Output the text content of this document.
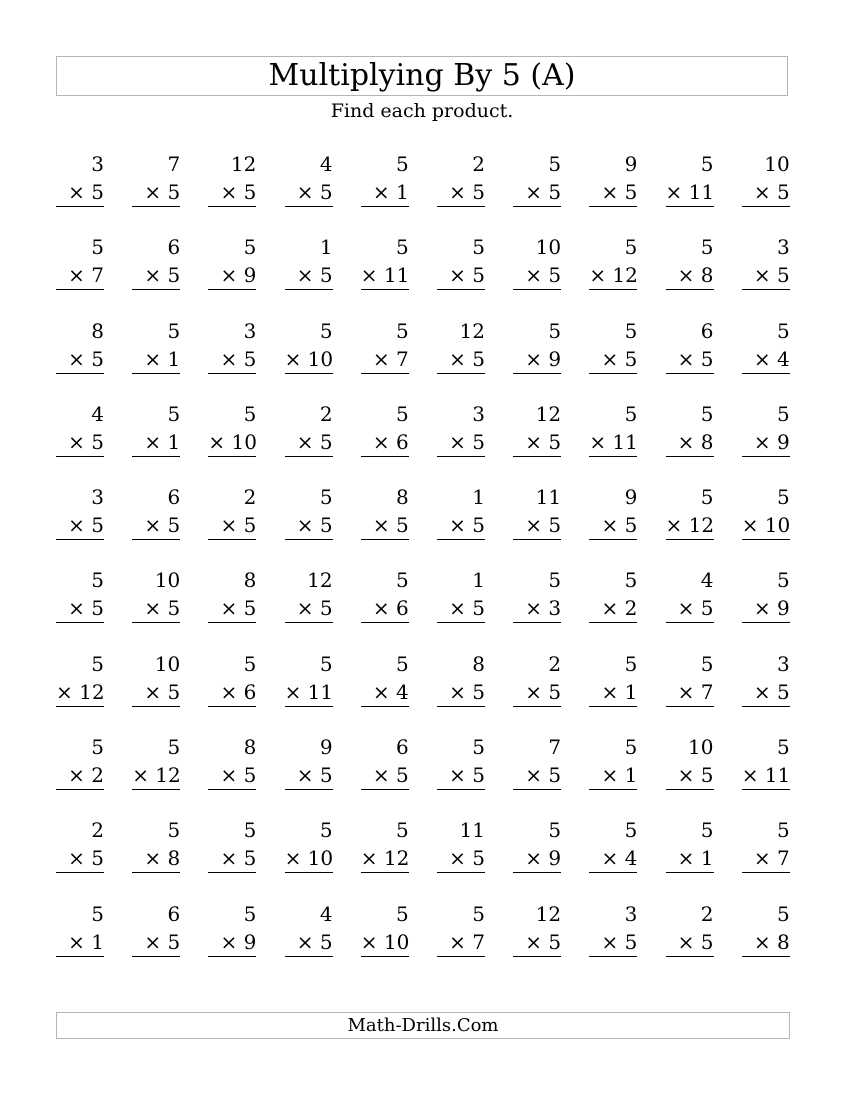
Multiplying By 5 (A)
Find each product.
3
× 5
7
× 5
12
× 5
4
× 5
5
× 1
2
× 5
5
× 5
9
× 5
5
× 11
10
× 5
5
× 7
6
× 5
5
× 9
1
× 5
5
× 11
5
× 5
10
× 5
5
× 12
5
× 8
3
× 5
8
× 5
5
× 1
3
× 5
5
× 10
5
× 7
12
× 5
5
× 9
5
× 5
6
× 5
5
× 4
4
× 5
5
× 1
5
× 10
2
× 5
5
× 6
3
× 5
12
× 5
5
× 11
5
× 8
5
× 9
3
× 5
6
× 5
2
× 5
5
× 5
8
× 5
1
× 5
11
× 5
9
× 5
5
× 12
5
× 10
5
× 5
10
× 5
8
× 5
12
× 5
5
× 6
1
× 5
5
× 3
5
× 2
4
× 5
5
× 9
5
× 12
10
× 5
5
× 6
5
× 11
5
× 4
8
× 5
2
× 5
5
× 1
5
× 7
3
× 5
5
× 2
5
× 12
8
× 5
9
× 5
6
× 5
5
× 5
7
× 5
5
× 1
10
× 5
5
× 11
2
× 5
5
× 8
5
× 5
5
× 10
5
× 12
11
× 5
5
× 9
5
× 4
5
× 1
5
× 7
5
× 1
6
× 5
5
× 9
4
× 5
5
× 10
5
× 7
12
× 5
3
× 5
2
× 5
5
× 8
Math-Drills.Com
